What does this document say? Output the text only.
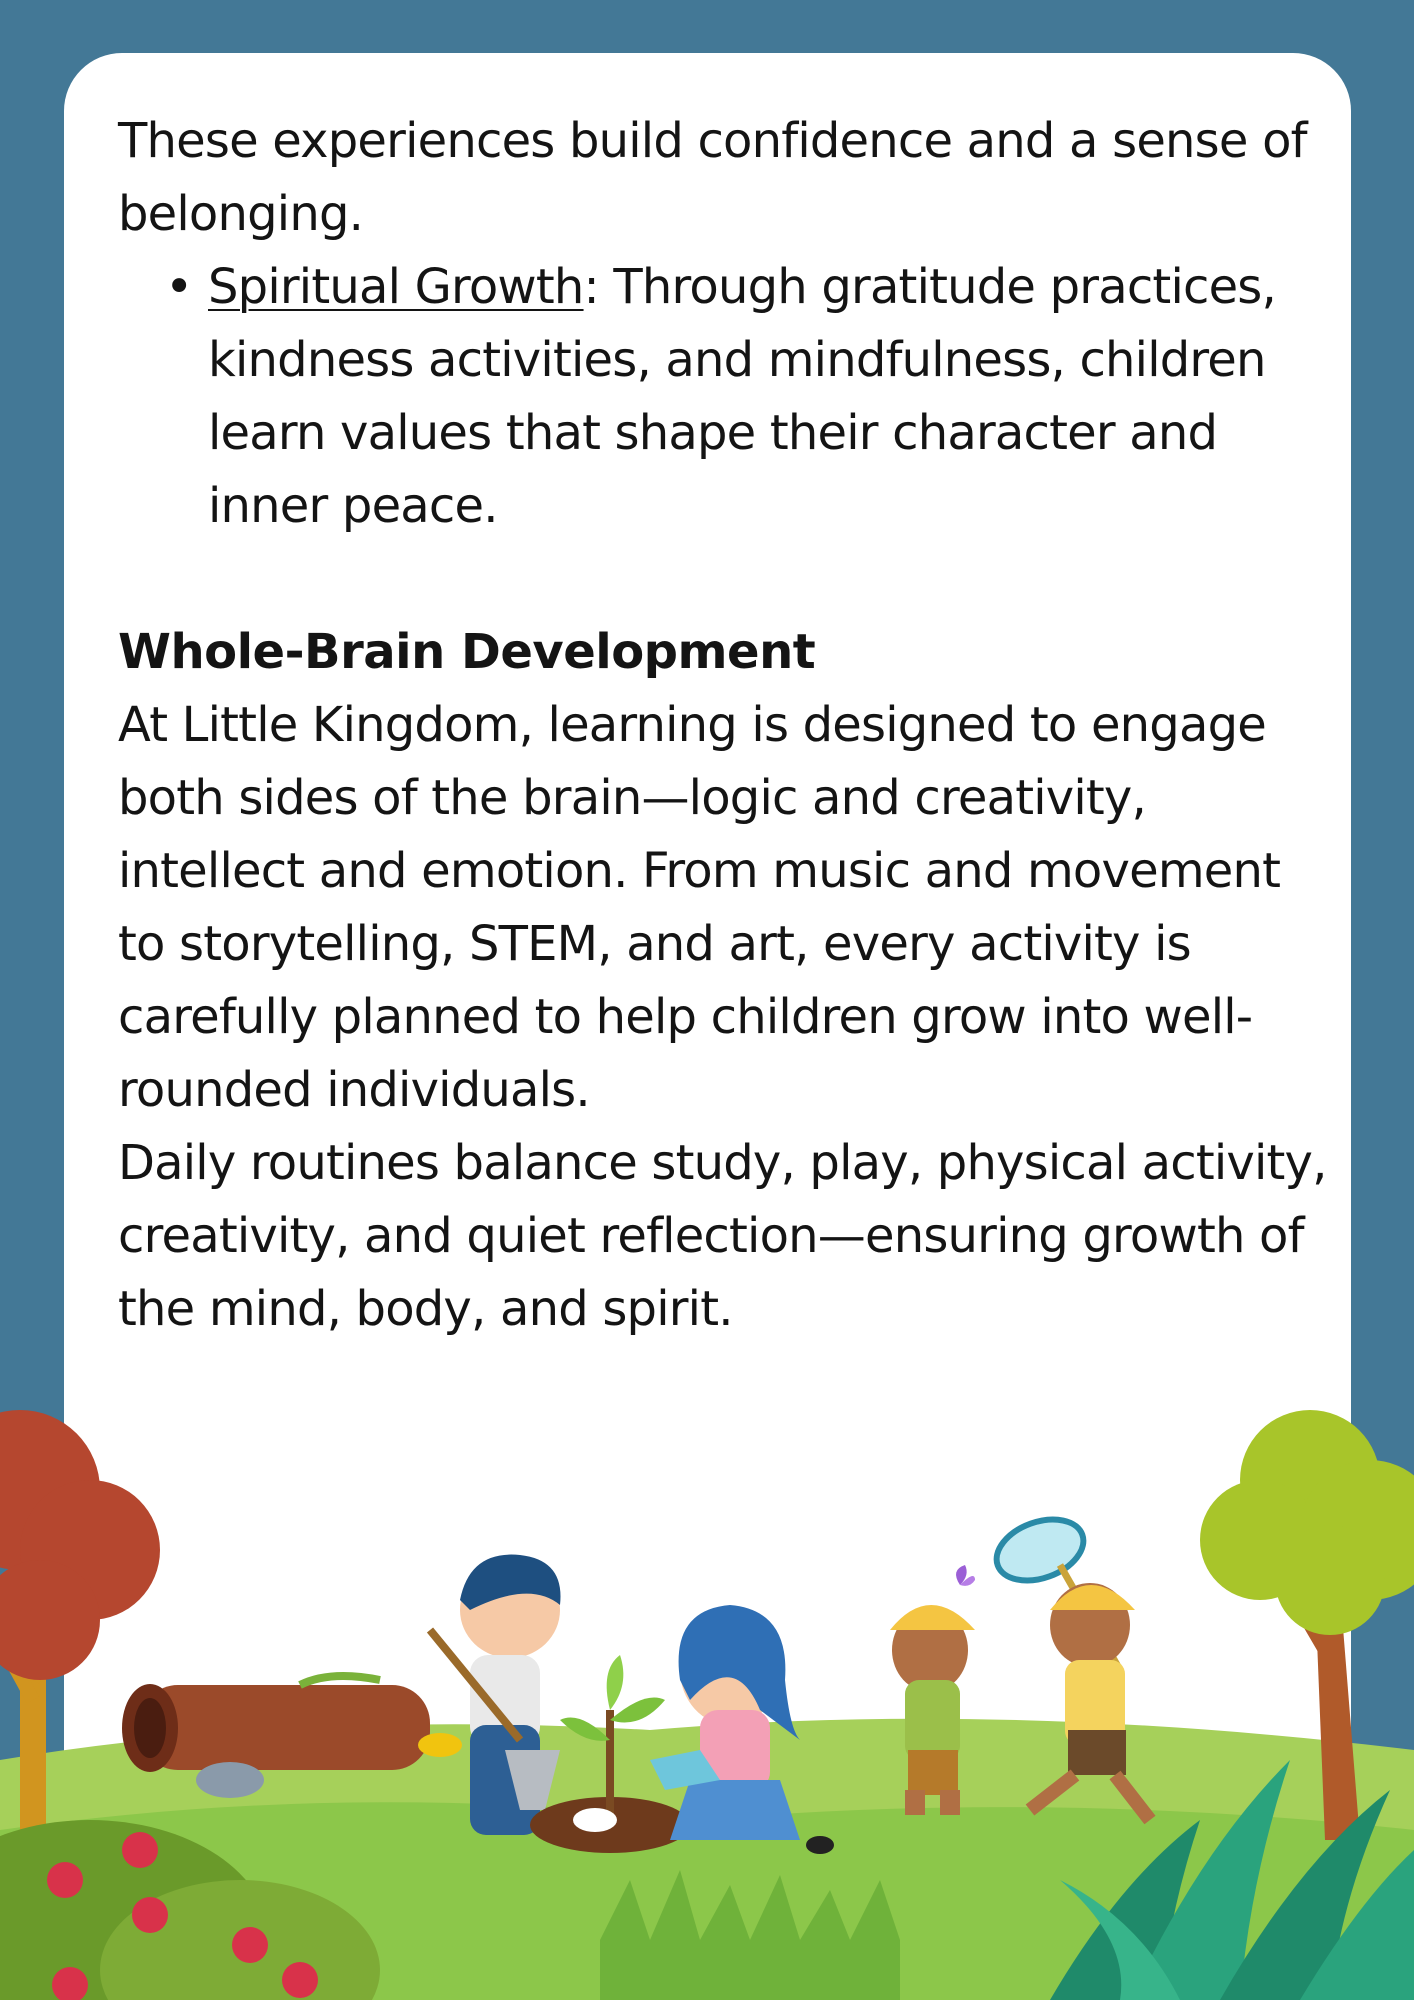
These experiences build confidence and a sense of belonging.

• Spiritual Growth: Through gratitude practices, kindness activities, and mindfulness, children learn values that shape their character and inner peace.
Whole-Brain Development

At Little Kingdom, learning is designed to engage both sides of the brain—logic and creativity, intellect and emotion. From music and movement to storytelling, STEM, and art, every activity is carefully planned to help children grow into well-rounded individuals.

Daily routines balance study, play, physical activity, creativity, and quiet reflection—ensuring growth of the mind, body, and spirit.
